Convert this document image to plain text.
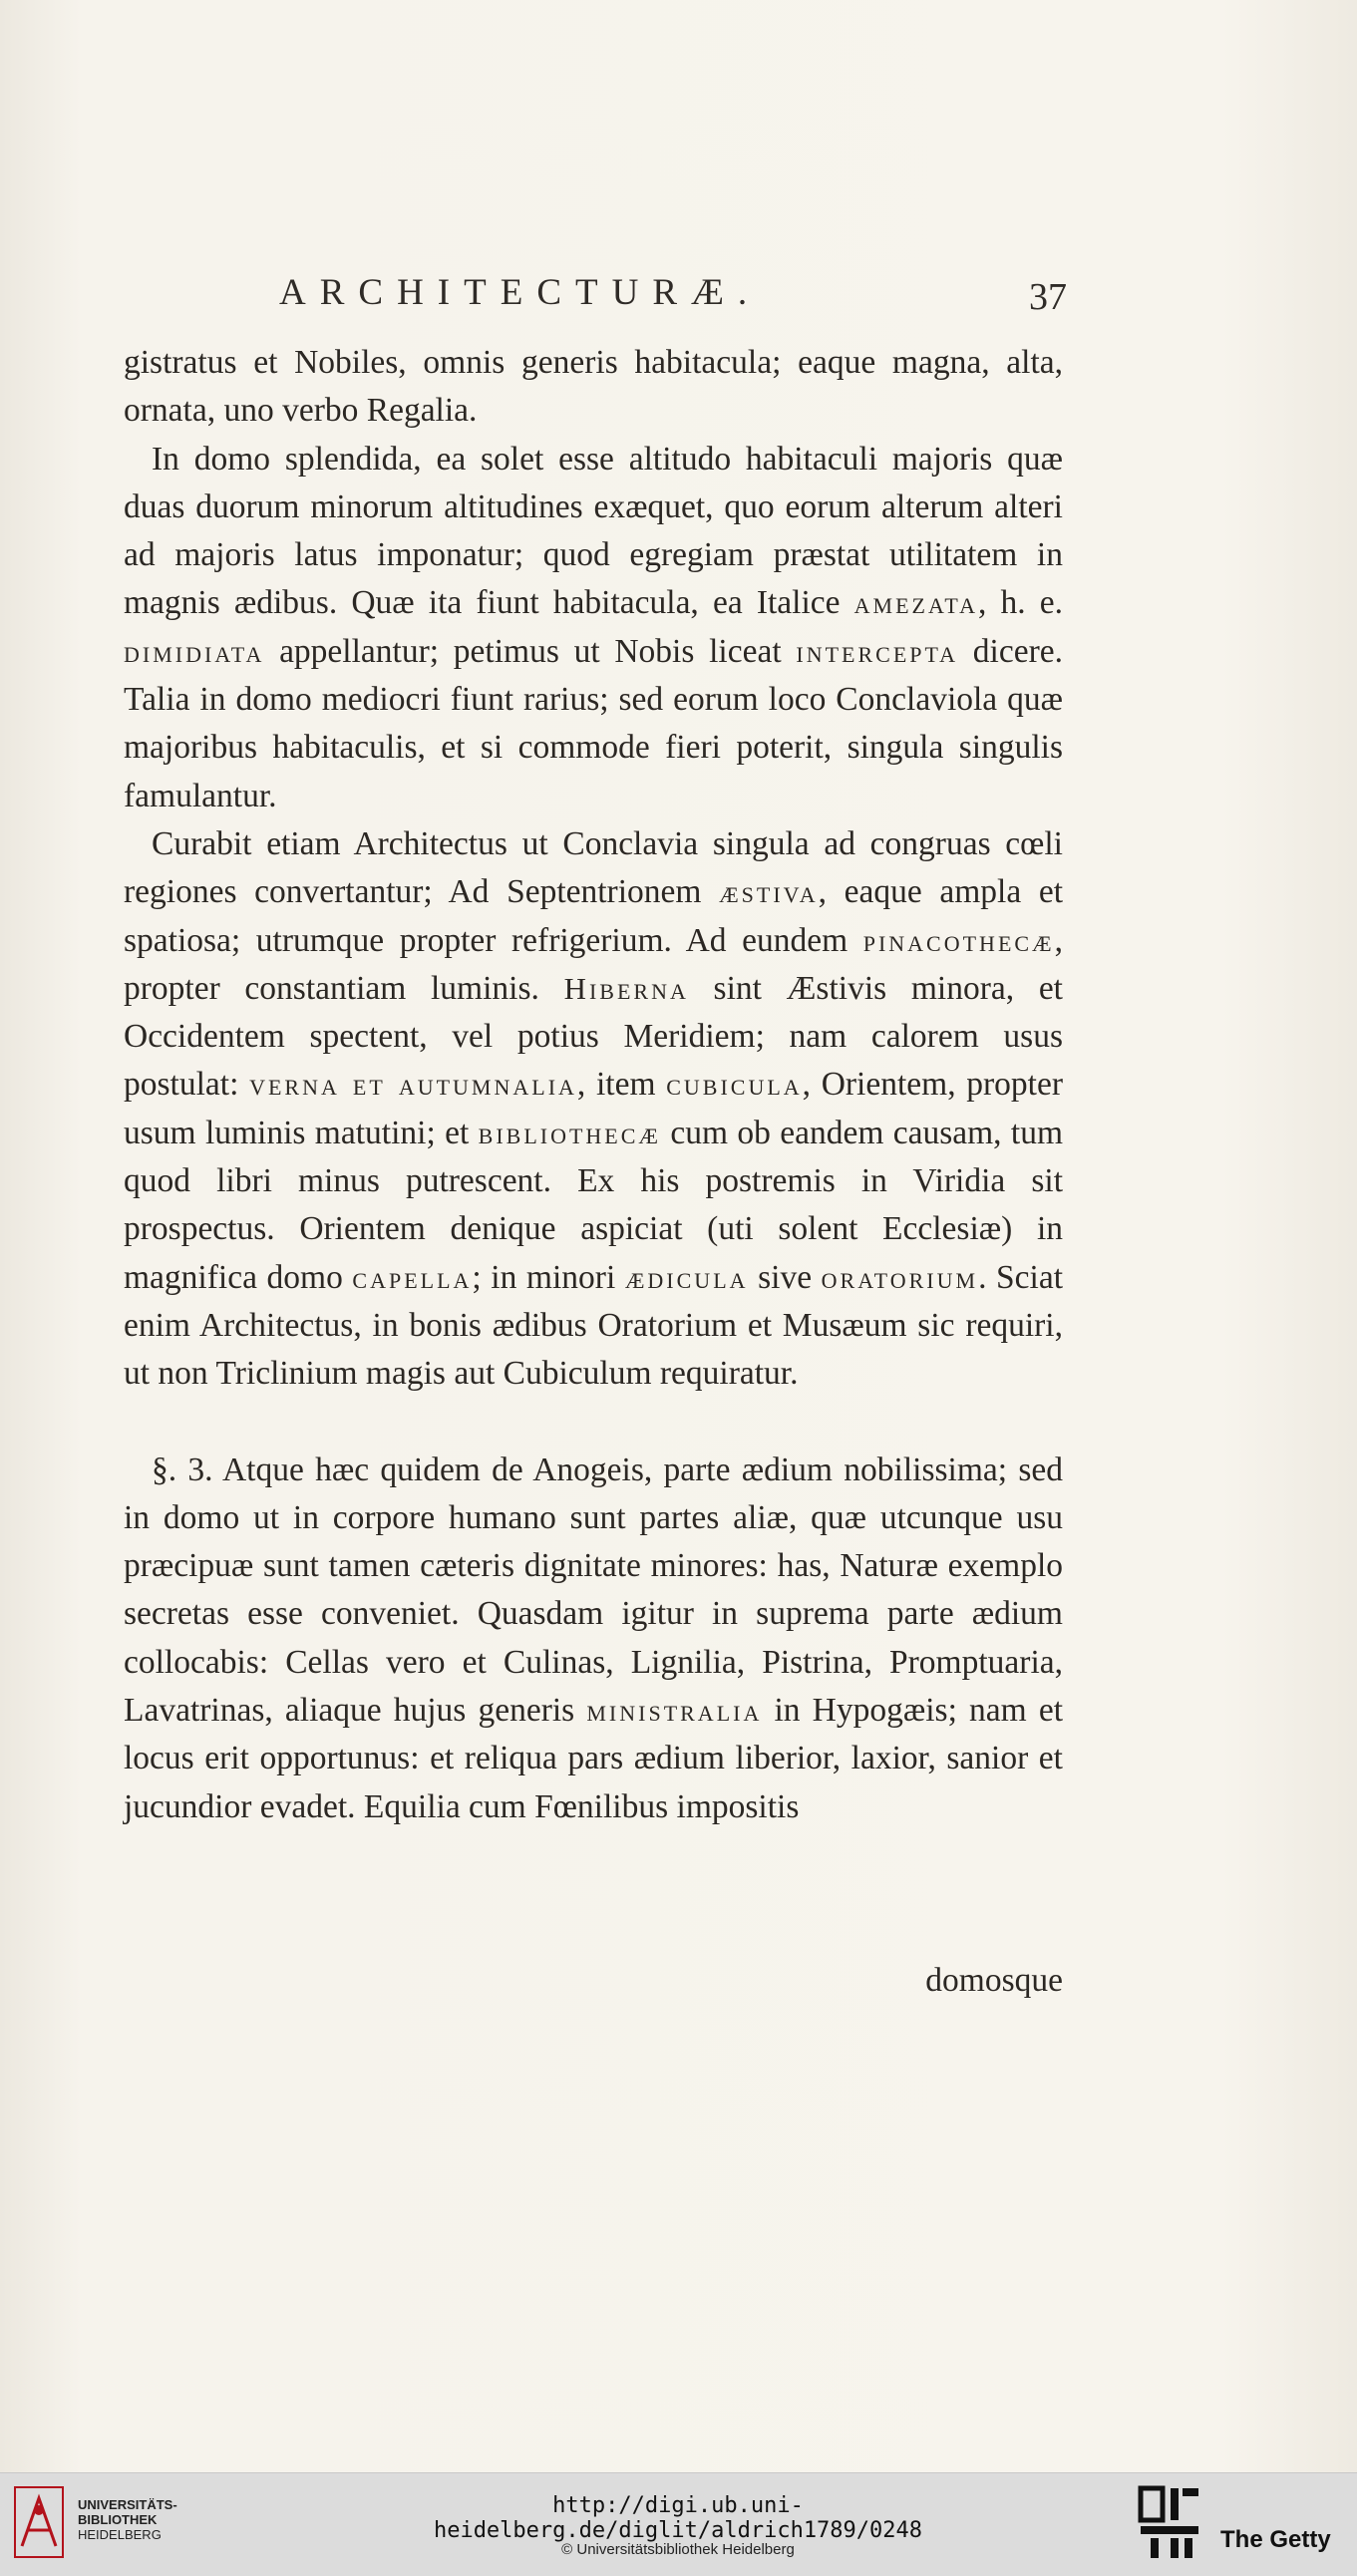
ARCHITECTURÆ.	37

gistratus et Nobiles, omnis generis habitacula; eaque magna, alta, ornata, uno verbo Regalia.

In domo splendida, ea solet esse altitudo habitaculi majoris quæ duas duorum minorum altitudines exæquet, quo eorum alterum alteri ad majoris latus imponatur; quod egregiam præstat utilitatem in magnis ædibus. Quæ ita fiunt habitacula, ea Italice amezata, h. e. dimidiata appellantur; petimus ut Nobis liceat intercepta dicere. Talia in domo mediocri fiunt rarius; sed eorum loco Conclaviola quæ majoribus habitaculis, et si commode fieri poterit, singula singulis famulantur.

Curabit etiam Architectus ut Conclavia singula ad congruas cœli regiones convertantur; Ad Septentrionem æstiva, eaque ampla et spatiosa; utrumque propter refrigerium. Ad eundem pinacothecæ, propter constantiam luminis. Hiberna sint Æstivis minora, et Occidentem spectent, vel potius Meridiem; nam calorem usus postulat: verna et autumnalia, item cubicula, Orientem, propter usum luminis matutini; et bibliothecæ cum ob eandem causam, tum quod libri minus putrescent. Ex his postremis in Viridia sit prospectus. Orientem denique aspiciat (uti solent Ecclesiæ) in magnifica domo capella; in minori ædicula sive oratorium. Sciat enim Architectus, in bonis ædibus Oratorium et Musæum sic requiri, ut non Triclinium magis aut Cubiculum requiratur.

§. 3. Atque hæc quidem de Anogeis, parte ædium nobilissima; sed in domo ut in corpore humano sunt partes aliæ, quæ utcunque usu præcipuæ sunt tamen cæteris dignitate minores: has, Naturæ exemplo secretas esse conveniet. Quasdam igitur in suprema parte ædium collocabis: Cellas vero et Culinas, Lignilia, Pistrina, Promptuaria, Lavatrinas, aliaque hujus generis ministralia in Hypogæis; nam et locus erit opportunus: et reliqua pars ædium liberior, laxior, sanior et jucundior evadet. Equilia cum Fœnilibus impositis

domosque
UNIVERSITÄTS-
BIBLIOTHEK
HEIDELBERG
http://digi.ub.uni-heidelberg.de/diglit/aldrich1789/0248
© Universitätsbibliothek Heidelberg	The Getty
